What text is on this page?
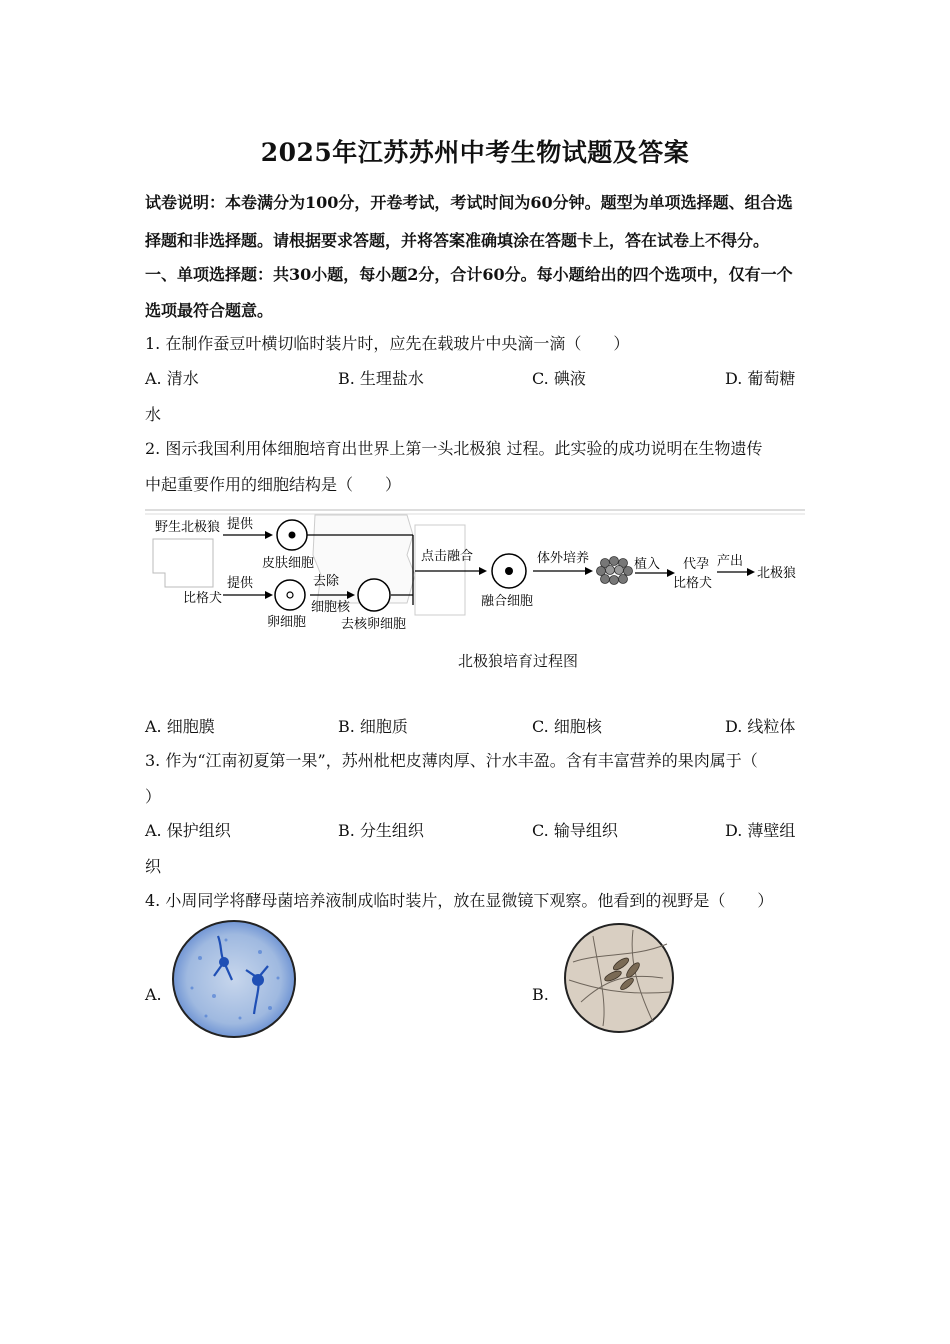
2025年江苏苏州中考生物试题及答案
试卷说明：本卷满分为100分，开卷考试，考试时间为60分钟。题型为单项选择题、组合选
择题和非选择题。请根据要求答题，并将答案准确填涂在答题卡上，答在试卷上不得分。
一、单项选择题：共30小题，每小题2分，合计60分。每小题给出的四个选项中，仅有一个
选项最符合题意。
1. 在制作蚕豆叶横切临时装片时，应先在载玻片中央滴一滴（　　）
A. 清水	B. 生理盐水	C. 碘液	D. 葡萄糖
水
2. 图示我国利用体细胞培育出世界上第一头北极狼 过程。此实验的成功说明在生物遗传
中起重要作用的细胞结构是（　　）
野生北极狼
比格犬
提供
提供
皮肤细胞
卵细胞
去除
细胞核
去核卵细胞
点击融合
融合细胞
体外培养	植入 代孕
比格犬
产出
北极狼
北极狼培育过程图
A. 细胞膜	B. 细胞质	C. 细胞核	D. 线粒体
3. 作为“江南初夏第一果”，苏州枇杷皮薄肉厚、汁水丰盈。含有丰富营养的果肉属于（
）
A. 保护组织	B. 分生组织	C. 输导组织	D. 薄壁组
织
4. 小周同学将酵母菌培养液制成临时装片，放在显微镜下观察。他看到的视野是（　　）
A.	B.
